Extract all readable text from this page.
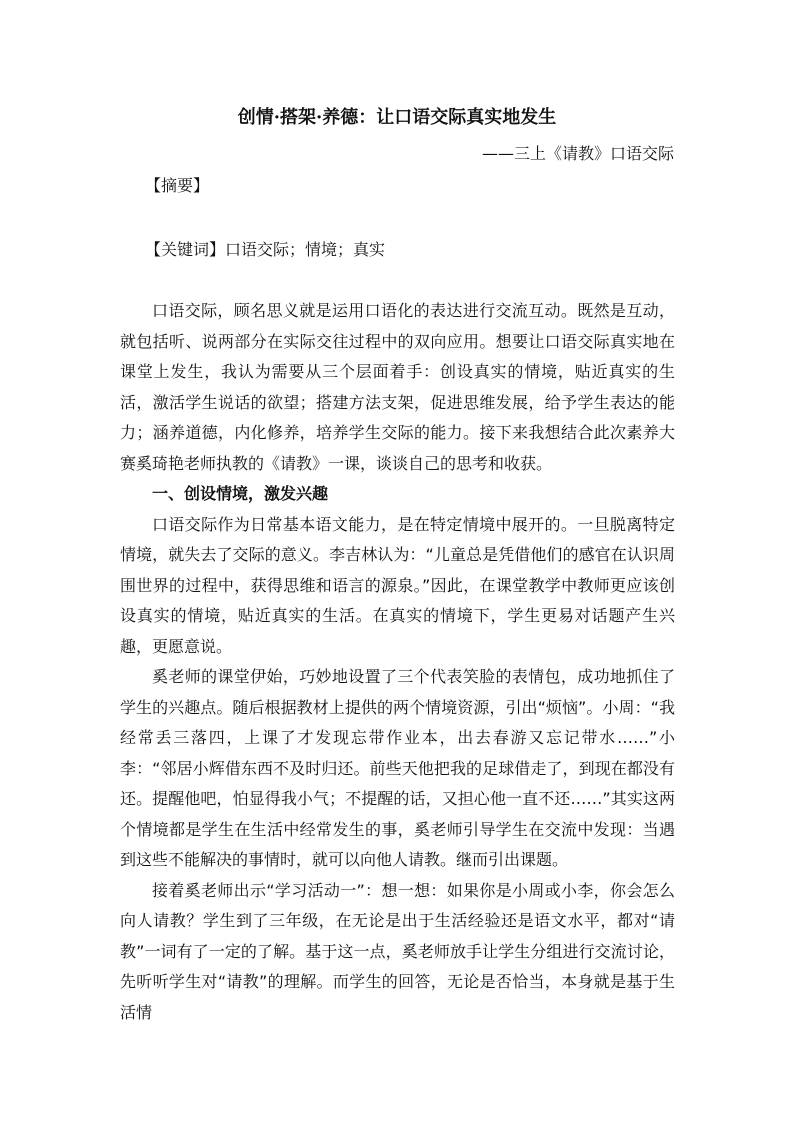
创情·搭架·养德：让口语交际真实地发生

——三上《请教》口语交际

【摘要】

【关键词】口语交际；情境；真实

口语交际，顾名思义就是运用口语化的表达进行交流互动。既然是互动，就包括听、说两部分在实际交往过程中的双向应用。想要让口语交际真实地在课堂上发生，我认为需要从三个层面着手：创设真实的情境，贴近真实的生活，激活学生说话的欲望；搭建方法支架，促进思维发展，给予学生表达的能力；涵养道德，内化修养，培养学生交际的能力。接下来我想结合此次素养大赛奚琦艳老师执教的《请教》一课，谈谈自己的思考和收获。

一、创设情境，激发兴趣

口语交际作为日常基本语文能力，是在特定情境中展开的。一旦脱离特定情境，就失去了交际的意义。李吉林认为：“儿童总是凭借他们的感官在认识周围世界的过程中，获得思维和语言的源泉。”因此，在课堂教学中教师更应该创设真实的情境，贴近真实的生活。在真实的情境下，学生更易对话题产生兴趣，更愿意说。

奚老师的课堂伊始，巧妙地设置了三个代表笑脸的表情包，成功地抓住了学生的兴趣点。随后根据教材上提供的两个情境资源，引出“烦恼”。小周：“我经常丢三落四，上课了才发现忘带作业本，出去春游又忘记带水……”小李：“邻居小辉借东西不及时归还。前些天他把我的足球借走了，到现在都没有还。提醒他吧，怕显得我小气；不提醒的话，又担心他一直不还……”其实这两个情境都是学生在生活中经常发生的事，奚老师引导学生在交流中发现：当遇到这些不能解决的事情时，就可以向他人请教。继而引出课题。

接着奚老师出示“学习活动一”：想一想：如果你是小周或小李，你会怎么向人请教？学生到了三年级，在无论是出于生活经验还是语文水平，都对“请教”一词有了一定的了解。基于这一点，奚老师放手让学生分组进行交流讨论，先听听学生对“请教”的理解。而学生的回答，无论是否恰当，本身就是基于生活情
